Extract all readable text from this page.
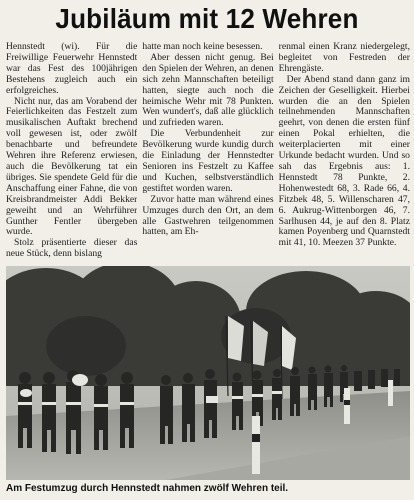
Jubiläum mit 12 Wehren

Hennstedt (wi). Für die Freiwillige Feuerwehr Hennstedt war das Fest des 100jährigen Bestehens zugleich auch ein erfolgreiches.

Nicht nur, das am Vorabend der Feierlichkeiten das Festzelt zum musikalischen Auftakt brechend voll gewesen ist, oder zwölf benachbarte und befreundete Wehren ihre Referenz erwiesen, auch die Bevölkerung tat ein übriges. Sie spendete Geld für die Anschaffung einer Fahne, die von Kreisbrandmeister Addi Bekker geweiht und an Wehrführer Gunther Fentler übergeben wurde.

Stolz präsentierte dieser das neue Stück, denn bislang

hatte man noch keine besessen.

Aber dessen nicht genug. Bei den Spielen der Wehren, an denen sich zehn Mannschaften beteiligt hatten, siegte auch noch die heimische Wehr mit 78 Punkten. Wen wundert's, daß alle glücklich und zufrieden waren.

Die Verbundenheit zur Bevölkerung wurde kundig durch die Einladung der Hennstedter Senioren ins Festzelt zu Kaffee und Kuchen, selbstverständlich gestiftet worden waren.

Zuvor hatte man während eines Umzuges durch den Ort, an dem alle Gastwehren teilgenommen hatten, am Eh-

renmal einen Kranz niedergelegt, begleitet von Festreden der Ehrengäste.

Der Abend stand dann ganz im Zeichen der Geselligkeit. Hierbei wurden die an den Spielen teilnehmenden Mannschaften geehrt, von denen die ersten fünf einen Pokal erhielten, die weiterplacierten mit einer Urkunde bedacht wurden. Und so sah das Ergebnis aus: 1. Hennstedt 78 Punkte, 2. Hohenwestedt 68, 3. Rade 66, 4. Fitzbek 48, 5. Willenscharen 47, 6. Aukrug-Wittenborgen 46, 7. Sarlhusen 44, je auf den 8. Platz kamen Poyenberg und Quarnstedt mit 41, 10. Meezen 37 Punkte.

Am Festumzug durch Hennstedt nahmen zwölf Wehren teil.
